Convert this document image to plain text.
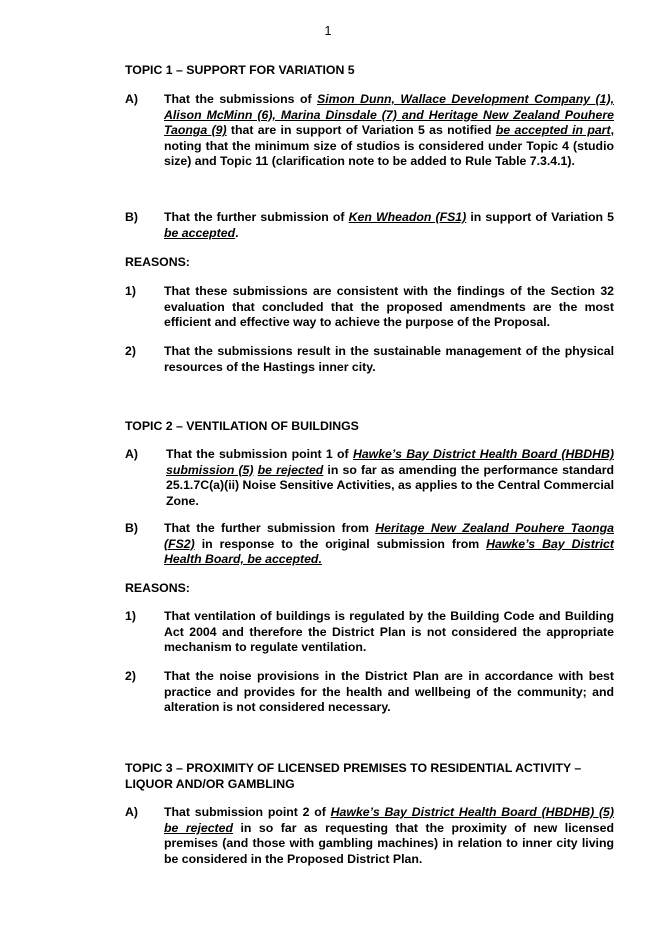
1
TOPIC 1 – SUPPORT FOR VARIATION 5
A) That the submissions of Simon Dunn, Wallace Development Company (1), Alison McMinn (6), Marina Dinsdale (7) and Heritage New Zealand Pouhere Taonga (9) that are in support of Variation 5 as notified be accepted in part, noting that the minimum size of studios is considered under Topic 4 (studio size) and Topic 11 (clarification note to be added to Rule Table 7.3.4.1).
B) That the further submission of Ken Wheadon (FS1) in support of Variation 5 be accepted.
REASONS:
1) That these submissions are consistent with the findings of the Section 32 evaluation that concluded that the proposed amendments are the most efficient and effective way to achieve the purpose of the Proposal.
2) That the submissions result in the sustainable management of the physical resources of the Hastings inner city.
TOPIC 2 – VENTILATION OF BUILDINGS
A) That the submission point 1 of Hawke’s Bay District Health Board (HBDHB) submission (5) be rejected in so far as amending the performance standard 25.1.7C(a)(ii) Noise Sensitive Activities, as applies to the Central Commercial Zone.
B) That the further submission from Heritage New Zealand Pouhere Taonga (FS2) in response to the original submission from Hawke’s Bay District Health Board, be accepted.
REASONS:
1) That ventilation of buildings is regulated by the Building Code and Building Act 2004 and therefore the District Plan is not considered the appropriate mechanism to regulate ventilation.
2) That the noise provisions in the District Plan are in accordance with best practice and provides for the health and wellbeing of the community; and alteration is not considered necessary.
TOPIC 3 – PROXIMITY OF LICENSED PREMISES TO RESIDENTIAL ACTIVITY – LIQUOR AND/OR GAMBLING
A) That submission point 2 of Hawke’s Bay District Health Board (HBDHB) (5) be rejected in so far as requesting that the proximity of new licensed premises (and those with gambling machines) in relation to inner city living be considered in the Proposed District Plan.
